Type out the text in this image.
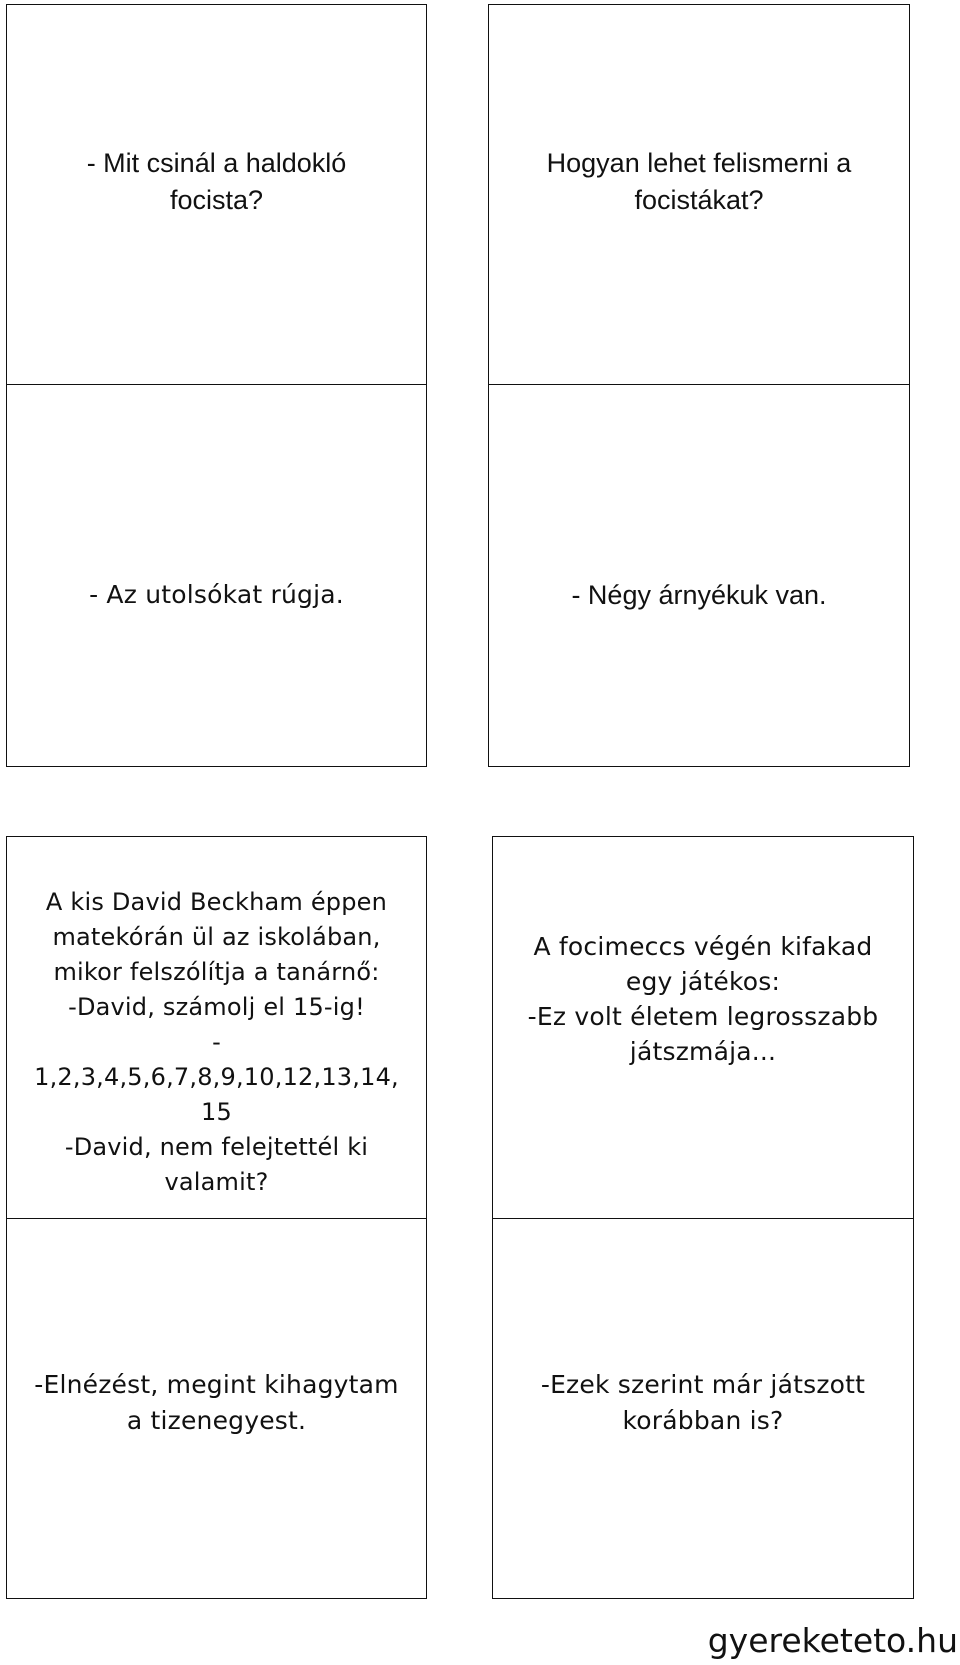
- Mit csinál a haldokló
focista?
Hogyan lehet felismerni a
focistákat?
- Az utolsókat rúgja.	- Négy árnyékuk van.
A kis David Beckham éppen
matekórán ül az iskolában,
mikor felszólítja a tanárnő:
-David, számolj el 15-ig!
-
1,2,3,4,5,6,7,8,9,10,12,13,14,
15
-David, nem felejtettél ki
valamit?
A focimeccs végén kifakad
egy játékos:
-Ez volt életem legrosszabb
játszmája...
-Elnézést, megint kihagytam
a tizenegyest.
-Ezek szerint már játszott
korábban is?
gyereketeto.hu
